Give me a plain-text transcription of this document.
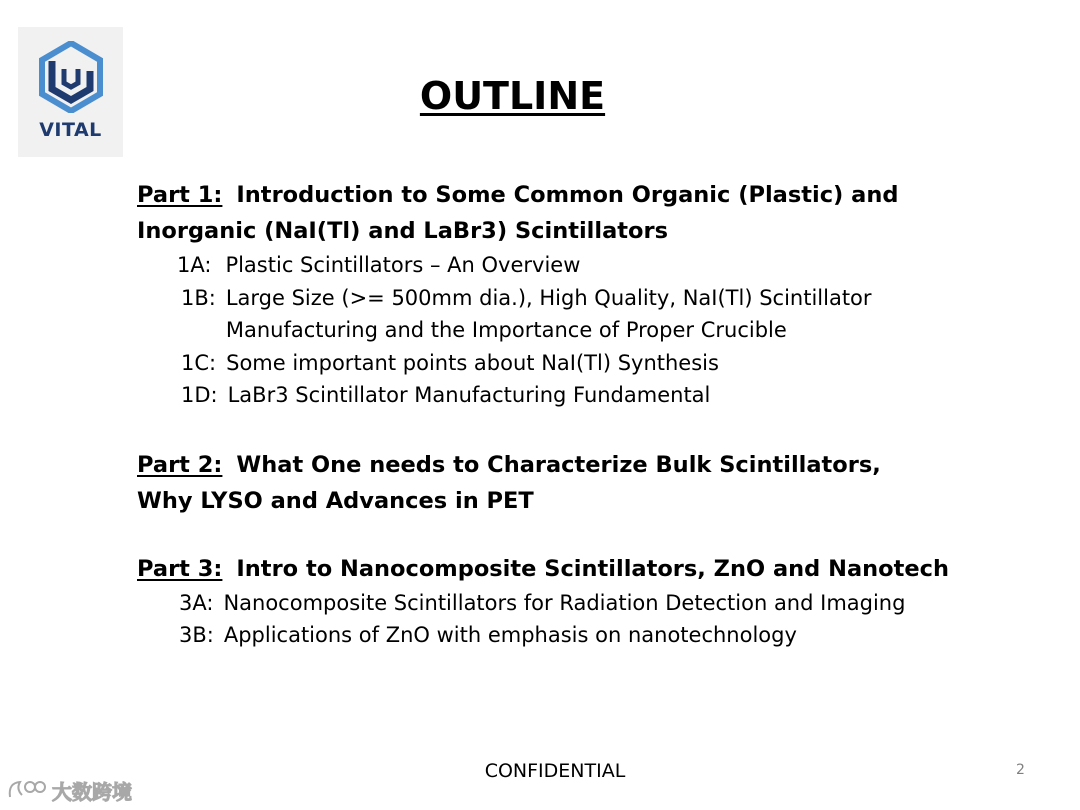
VITAL
OUTLINE
Part 1: Introduction to Some Common Organic (Plastic) and
Inorganic (NaI(Tl) and LaBr3) Scintillators
1A: Plastic Scintillators – An Overview
1B: Large Size (>= 500mm dia.), High Quality, NaI(Tl) Scintillator Manufacturing and the Importance of Proper Crucible
1C: Some important points about NaI(Tl) Synthesis
1D: LaBr3 Scintillator Manufacturing Fundamental
Part 2: What One needs to Characterize Bulk Scintillators,
Why LYSO and Advances in PET
Part 3: Intro to Nanocomposite Scintillators, ZnO and Nanotech
3A: Nanocomposite Scintillators for Radiation Detection and Imaging
3B: Applications of ZnO with emphasis on nanotechnology
CONFIDENTIAL	2
大数跨境
